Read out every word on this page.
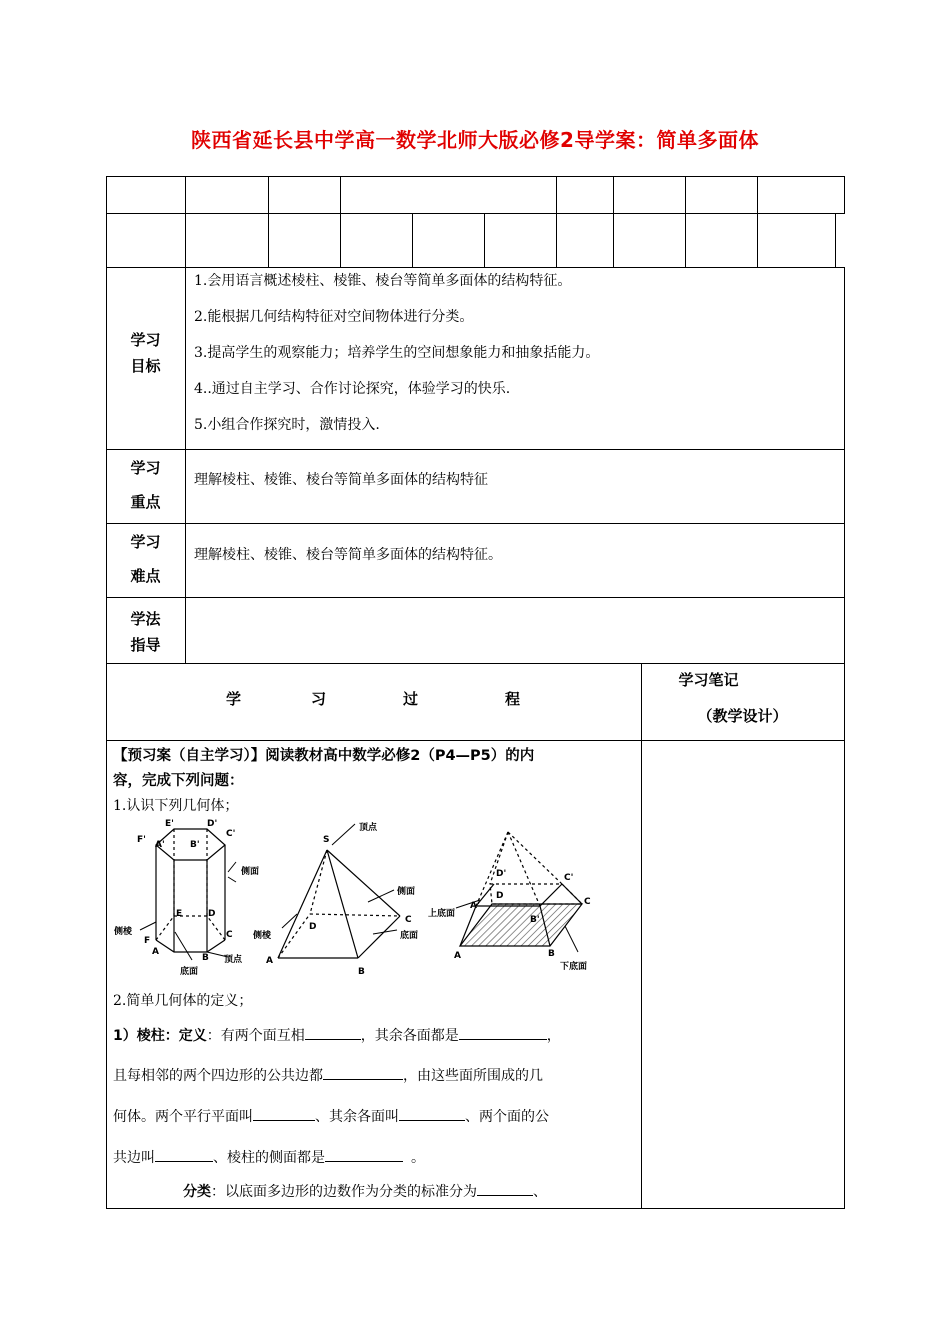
陕西省延长县中学高一数学北师大版必修2导学案：简单多面体
学习
目标
1.会用语言概述棱柱、棱锥、棱台等简单多面体的结构特征。
2.能根据几何结构特征对空间物体进行分类。
3.提高学生的观察能力；培养学生的空间想象能力和抽象括能力。
4..通过自主学习、合作讨论探究，体验学习的快乐.
5.小组合作探究时，激情投入.
学习
重点
理解棱柱、棱锥、棱台等简单多面体的结构特征
学习
难点
理解棱柱、棱锥、棱台等简单多面体的结构特征。
学法
指导
学	习	过	程
学习笔记
（教学设计）
【预习案（自主学习）】阅读教材高中数学必修2（P4—P5）的内
容，完成下列问题：
1.认识下列几何体；
E'	D'
F'
C'
A'	B'
E	D
F
C
A
B
侧面
侧棱
底面
顶点
S
D
C
A
B
顶点
侧面
侧棱	底面
D'	C'
D
A'
B'
C
A	B
上底面
下底面
2.简单几何体的定义；
1）棱柱：定义：有两个面互相	，其余各面都是	，
且每相邻的两个四边形的公共边都	，由这些面所围成的几
何体。两个平行平面叫	、其余各面叫	、两个面的公
共边叫	、棱柱的侧面都是	。
分类：以底面多边形的边数作为分类的标准分为	、
